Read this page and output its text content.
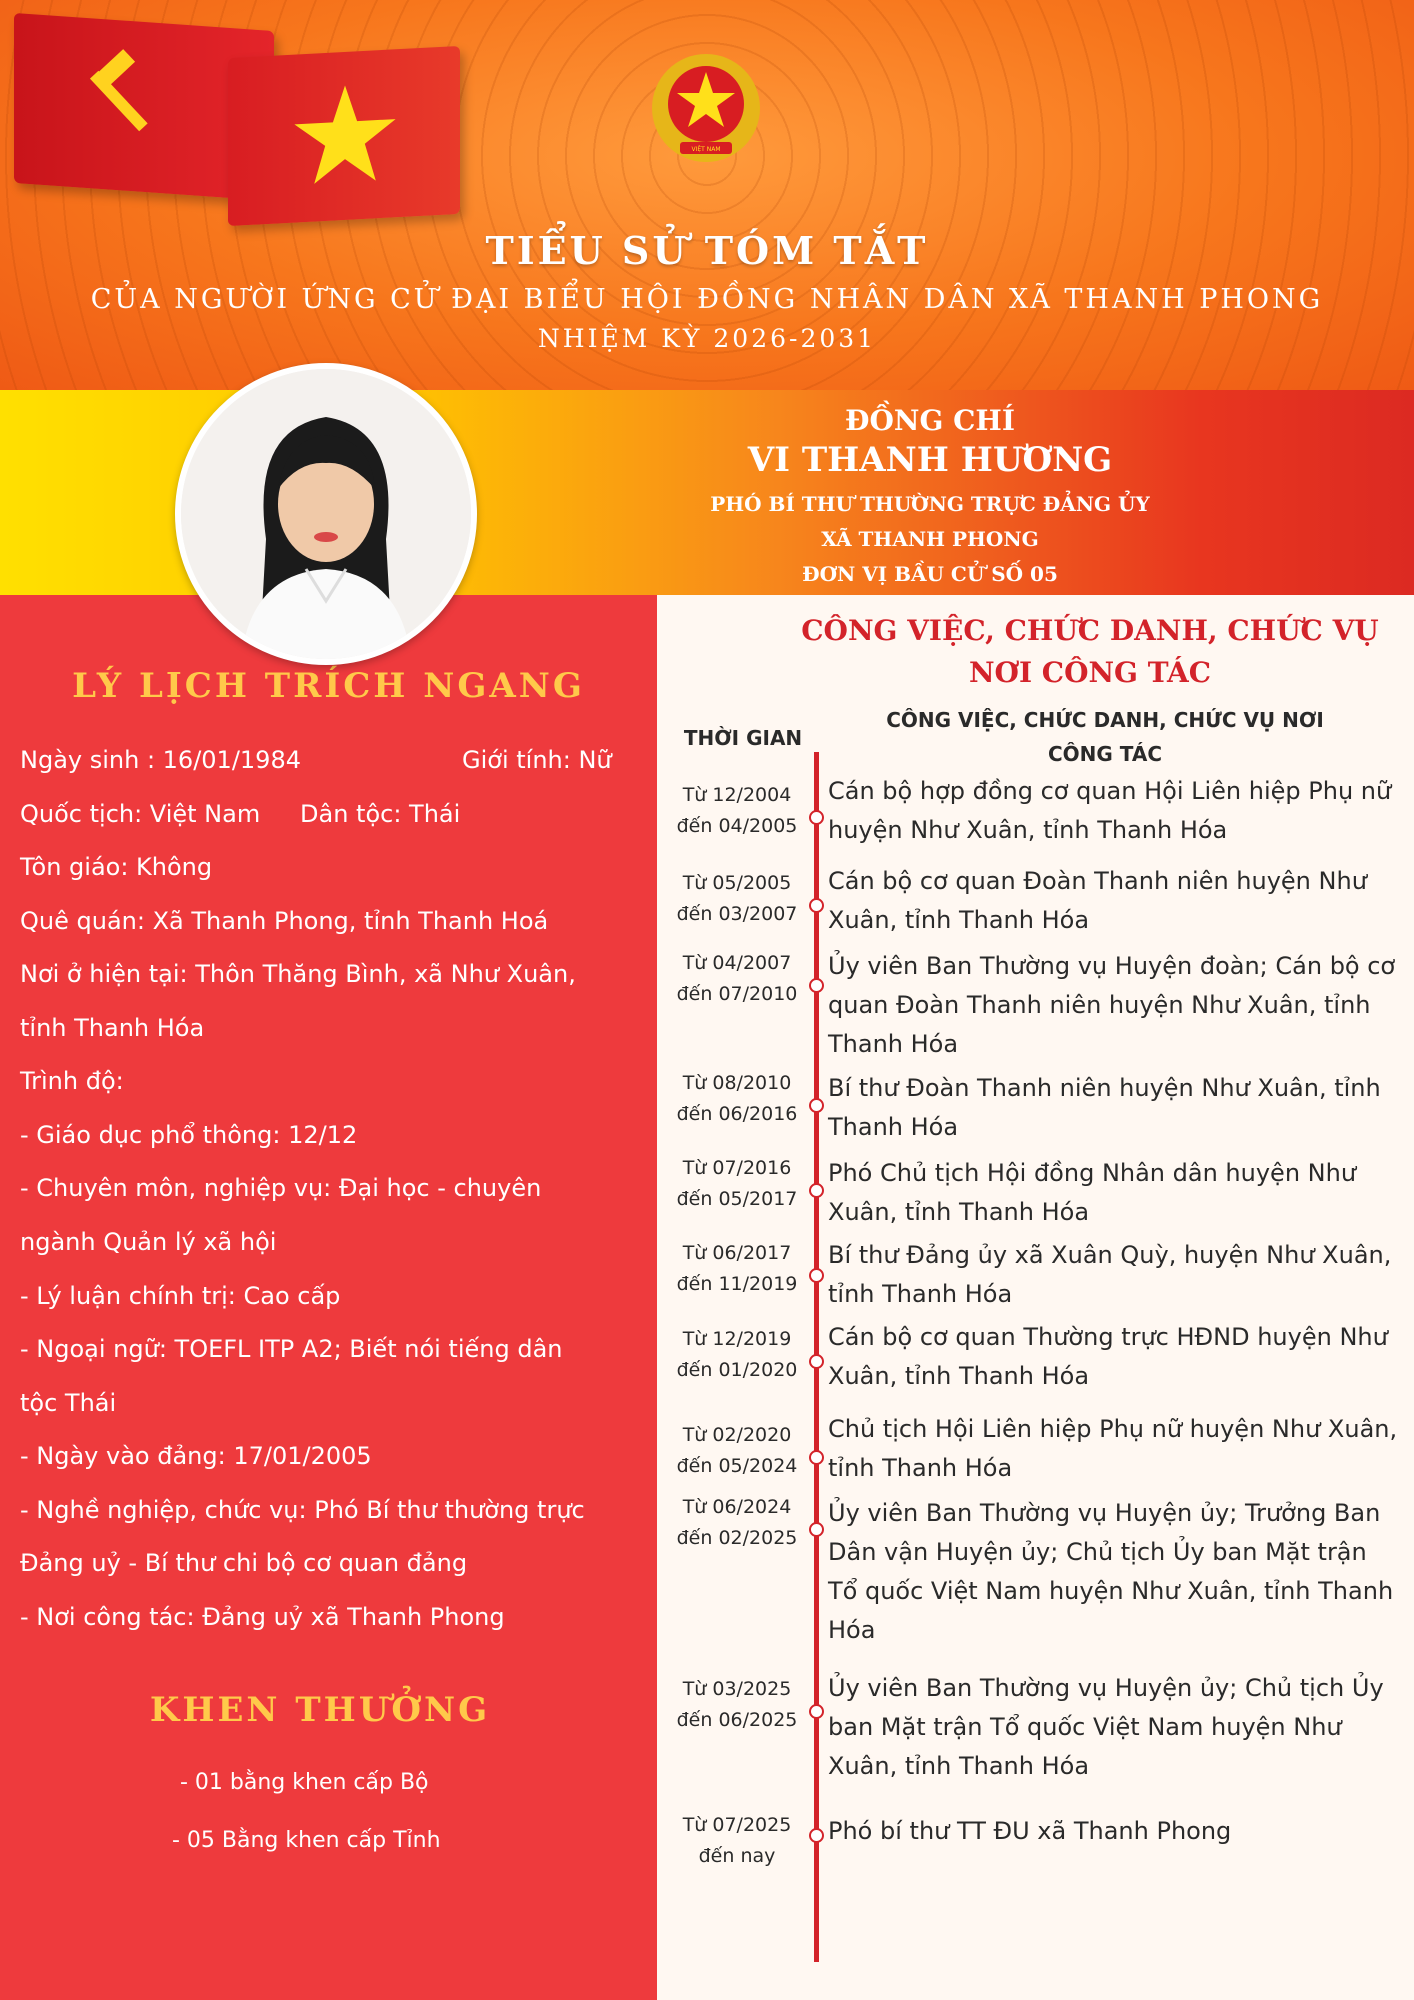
VIỆT NAM
TIỂU SỬ TÓM TẮT
CỦA NGƯỜI ỨNG CỬ ĐẠI BIỂU HỘI ĐỒNG NHÂN DÂN XÃ THANH PHONG
NHIỆM KỲ 2026-2031
ĐỒNG CHÍ
VI THANH HƯƠNG
PHÓ BÍ THƯ THƯỜNG TRỰC ĐẢNG ỦY
XÃ THANH PHONG
ĐƠN VỊ BẦU CỬ SỐ 05
LÝ LỊCH TRÍCH NGANG
Ngày sinh : 16/01/1984	Giới tính: Nữ
Quốc tịch: Việt Nam Dân tộc: Thái
Tôn giáo: Không
Quê quán: Xã Thanh Phong, tỉnh Thanh Hoá
Nơi ở hiện tại: Thôn Thăng Bình, xã Như Xuân,
tỉnh Thanh Hóa
Trình độ:
- Giáo dục phổ thông: 12/12
- Chuyên môn, nghiệp vụ: Đại học - chuyên
ngành Quản lý xã hội
- Lý luận chính trị: Cao cấp
- Ngoại ngữ: TOEFL ITP A2; Biết nói tiếng dân
tộc Thái
- Ngày vào đảng: 17/01/2005
- Nghề nghiệp, chức vụ: Phó Bí thư thường trực
Đảng uỷ - Bí thư chi bộ cơ quan đảng
- Nơi công tác: Đảng uỷ xã Thanh Phong
KHEN THƯỞNG
- 01 bằng khen cấp Bộ
- 05 Bằng khen cấp Tỉnh
CÔNG VIỆC, CHỨC DANH, CHỨC VỤ
NƠI CÔNG TÁC
THỜI GIAN
CÔNG VIỆC, CHỨC DANH, CHỨC VỤ NƠI
CÔNG TÁC
Từ 12/2004
đến 04/2005
Cán bộ hợp đồng cơ quan Hội Liên hiệp Phụ nữ huyện Như Xuân, tỉnh Thanh Hóa
Từ 05/2005
đến 03/2007
Cán bộ cơ quan Đoàn Thanh niên huyện Như Xuân, tỉnh Thanh Hóa
Từ 04/2007
đến 07/2010
Ủy viên Ban Thường vụ Huyện đoàn; Cán bộ cơ quan Đoàn Thanh niên huyện Như Xuân, tỉnh Thanh Hóa
Từ 08/2010
đến 06/2016
Bí thư Đoàn Thanh niên huyện Như Xuân, tỉnh Thanh Hóa
Từ 07/2016
đến 05/2017
Phó Chủ tịch Hội đồng Nhân dân huyện Như Xuân, tỉnh Thanh Hóa
Từ 06/2017
đến 11/2019
Bí thư Đảng ủy xã Xuân Quỳ, huyện Như Xuân, tỉnh Thanh Hóa
Từ 12/2019
đến 01/2020
Cán bộ cơ quan Thường trực HĐND huyện Như Xuân, tỉnh Thanh Hóa
Từ 02/2020
đến 05/2024
Chủ tịch Hội Liên hiệp Phụ nữ huyện Như Xuân, tỉnh Thanh Hóa
Từ 06/2024
đến 02/2025
Ủy viên Ban Thường vụ Huyện ủy; Trưởng Ban Dân vận Huyện ủy; Chủ tịch Ủy ban Mặt trận Tổ quốc Việt Nam huyện Như Xuân, tỉnh Thanh Hóa
Từ 03/2025
đến 06/2025
Ủy viên Ban Thường vụ Huyện ủy; Chủ tịch Ủy ban Mặt trận Tổ quốc Việt Nam huyện Như Xuân, tỉnh Thanh Hóa
Từ 07/2025
đến nay
Phó bí thư TT ĐU xã Thanh Phong
